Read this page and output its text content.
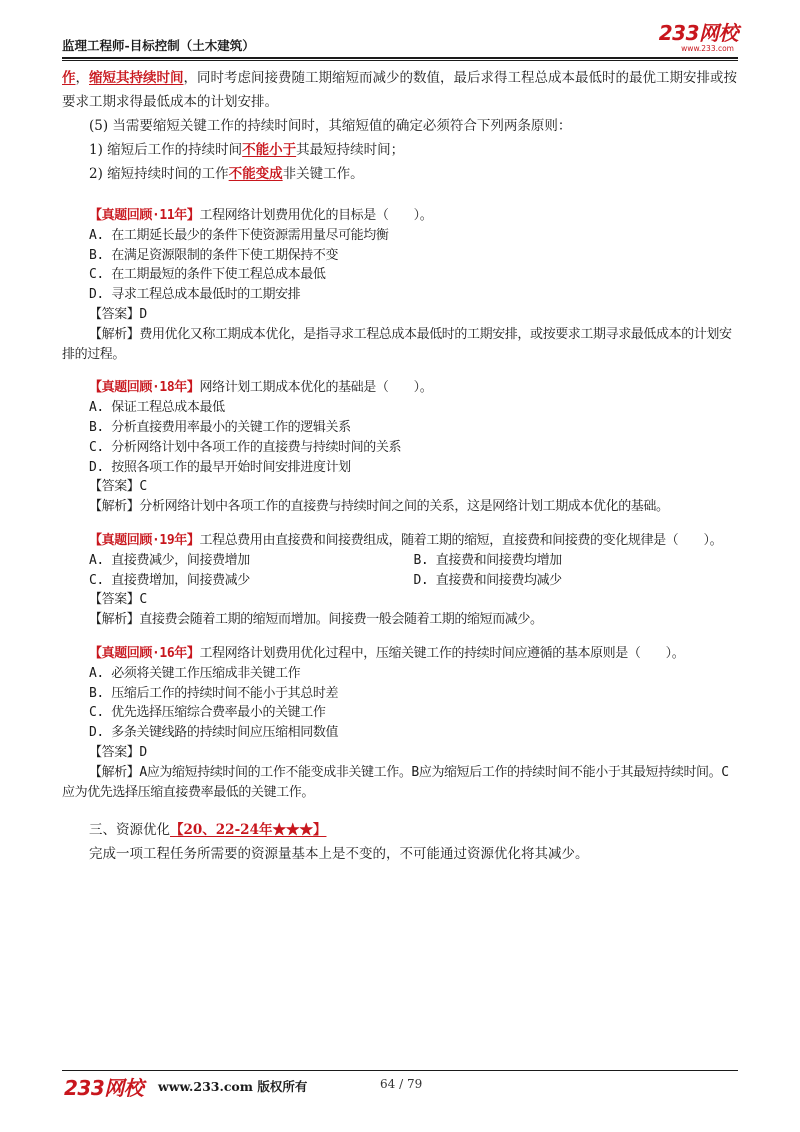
监理工程师-目标控制（土木建筑）
233网校
www.233.com

作，缩短其持续时间，同时考虑间接费随工期缩短而减少的数值，最后求得工程总成本最低时的最优工期安排或按要求工期求得最低成本的计划安排。

(5) 当需要缩短关键工作的持续时间时，其缩短值的确定必须符合下列两条原则：

1) 缩短后工作的持续时间不能小于其最短持续时间；

2) 缩短持续时间的工作不能变成非关键工作。

【真题回顾·11年】工程网络计划费用优化的目标是（　　）。

A. 在工期延长最少的条件下使资源需用量尽可能均衡

B. 在满足资源限制的条件下使工期保持不变

C. 在工期最短的条件下使工程总成本最低

D. 寻求工程总成本最低时的工期安排

【答案】D

【解析】费用优化又称工期成本优化，是指寻求工程总成本最低时的工期安排，或按要求工期寻求最低成本的计划安排的过程。

【真题回顾·18年】网络计划工期成本优化的基础是（　　）。

A. 保证工程总成本最低

B. 分析直接费用率最小的关键工作的逻辑关系

C. 分析网络计划中各项工作的直接费与持续时间的关系

D. 按照各项工作的最早开始时间安排进度计划

【答案】C

【解析】分析网络计划中各项工作的直接费与持续时间之间的关系，这是网络计划工期成本优化的基础。

【真题回顾·19年】工程总费用由直接费和间接费组成，随着工期的缩短，直接费和间接费的变化规律是（　　）。

A. 直接费减少，间接费增加	B. 直接费和间接费均增加
C. 直接费增加，间接费减少	D. 直接费和间接费均减少

【答案】C

【解析】直接费会随着工期的缩短而增加。间接费一般会随着工期的缩短而减少。

【真题回顾·16年】工程网络计划费用优化过程中，压缩关键工作的持续时间应遵循的基本原则是（　　）。

A. 必须将关键工作压缩成非关键工作

B. 压缩后工作的持续时间不能小于其总时差

C. 优先选择压缩综合费率最小的关键工作

D. 多条关键线路的持续时间应压缩相同数值

【答案】D

【解析】A应为缩短持续时间的工作不能变成非关键工作。B应为缩短后工作的持续时间不能小于其最短持续时间。C应为优先选择压缩直接费率最低的关键工作。

三、资源优化【20、22-24年★★★】

完成一项工程任务所需要的资源量基本上是不变的，不可能通过资源优化将其减少。

233网校 www.233.com 版权所有	64 / 79
